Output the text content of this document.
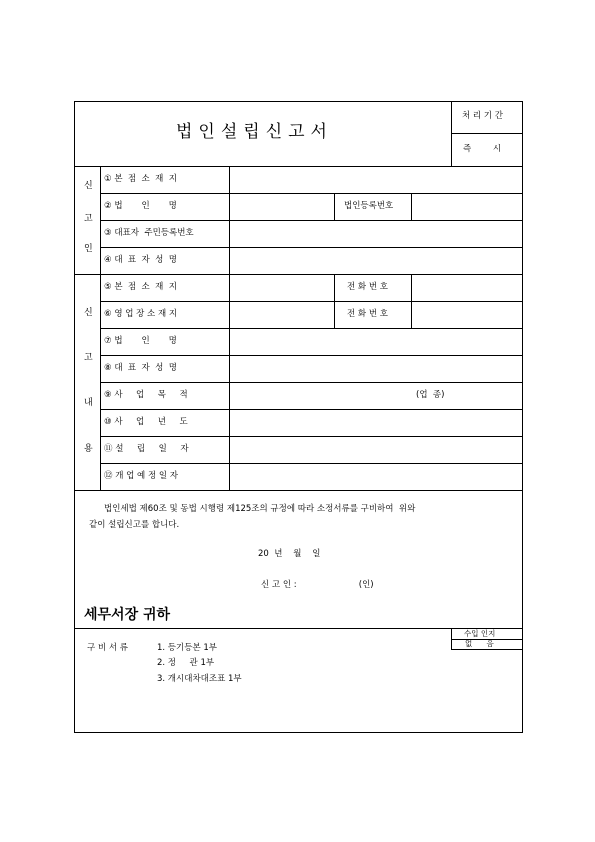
법인설립신고서
처 리 기 간
즉        시
신
고
인
① 본  점  소  재  지
② 법       인       명	법인등록번호
③ 대표자  주민등록번호
④ 대  표  자  성  명
신
고
내
용
⑤ 본  점  소  재  지	전 화 번 호
⑥ 영 업 장 소 재 지	전 화 번 호
⑦ 법       인       명
⑧ 대  표  자  성  명
⑨ 사     업     목     적	(업  종)
⑩ 사     업     년     도
⑪ 설     립     일     자
⑫ 개 업 예 정 일 자
법인세법 제60조 및 동법 시행령 제125조의 규정에 따라 소정서류를 구비하여  위와
같이 설립신고를 합니다.
20  년    월    일
신 고 인 :                       (인)
세무서장 귀하
구 비 서 류	1. 등기등본 1부
2. 정     관 1부
3. 개시대차대조표 1부
수입 인지
없      음
